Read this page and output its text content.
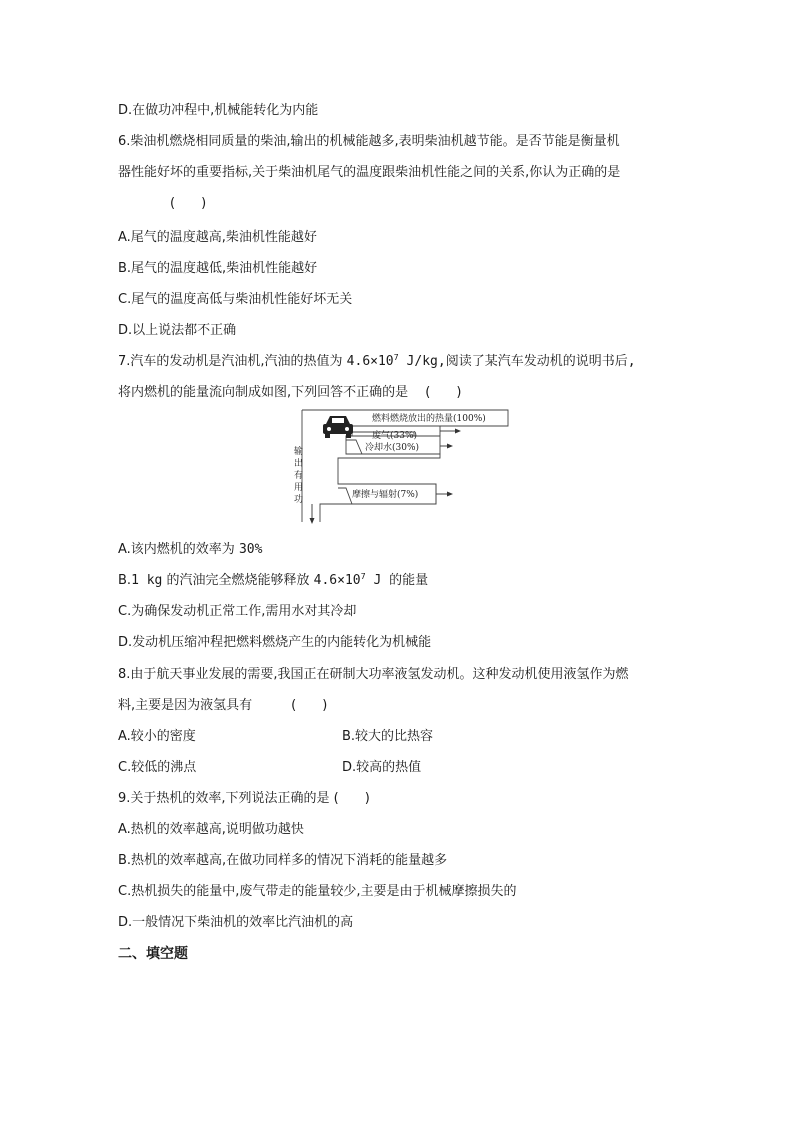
D.在做功冲程中,机械能转化为内能
6.柴油机燃烧相同质量的柴油,输出的机械能越多,表明柴油机越节能。是否节能是衡量机
器性能好坏的重要指标,关于柴油机尾气的温度跟柴油机性能之间的关系,你认为正确的是
(　　)
A.尾气的温度越高,柴油机性能越好
B.尾气的温度越低,柴油机性能越好
C.尾气的温度高低与柴油机性能好坏无关
D.以上说法都不正确
7.汽车的发动机是汽油机,汽油的热值为 $4.6\times 10^7$ J/kg,阅读了某汽车发动机的说明书后,
将内燃机的能量流向制成如图,下列回答不正确的是　 (　　)
燃料燃烧放出的热量(100%)
废气(33%)
冷却水(30%)
摩擦与辐射(7%)
输
出
有
用
功
A.该内燃机的效率为 30%
B.1 kg 的汽油完全燃烧能够释放 $4.6\times 10^7$ J 的能量
C.为确保发动机正常工作,需用水对其冷却
D.发动机压缩冲程把燃料燃烧产生的内能转化为机械能
8.由于航天事业发展的需要,我国正在研制大功率液氢发动机。这种发动机使用液氢作为燃
料,主要是因为液氢具有　　　(　　)
A.较小的密度	B.较大的比热容
C.较低的沸点	D.较高的热值
9.关于热机的效率,下列说法正确的是 (　　)
A.热机的效率越高,说明做功越快
B.热机的效率越高,在做功同样多的情况下消耗的能量越多
C.热机损失的能量中,废气带走的能量较少,主要是由于机械摩擦损失的
D.一般情况下柴油机的效率比汽油机的高
二、填空题
